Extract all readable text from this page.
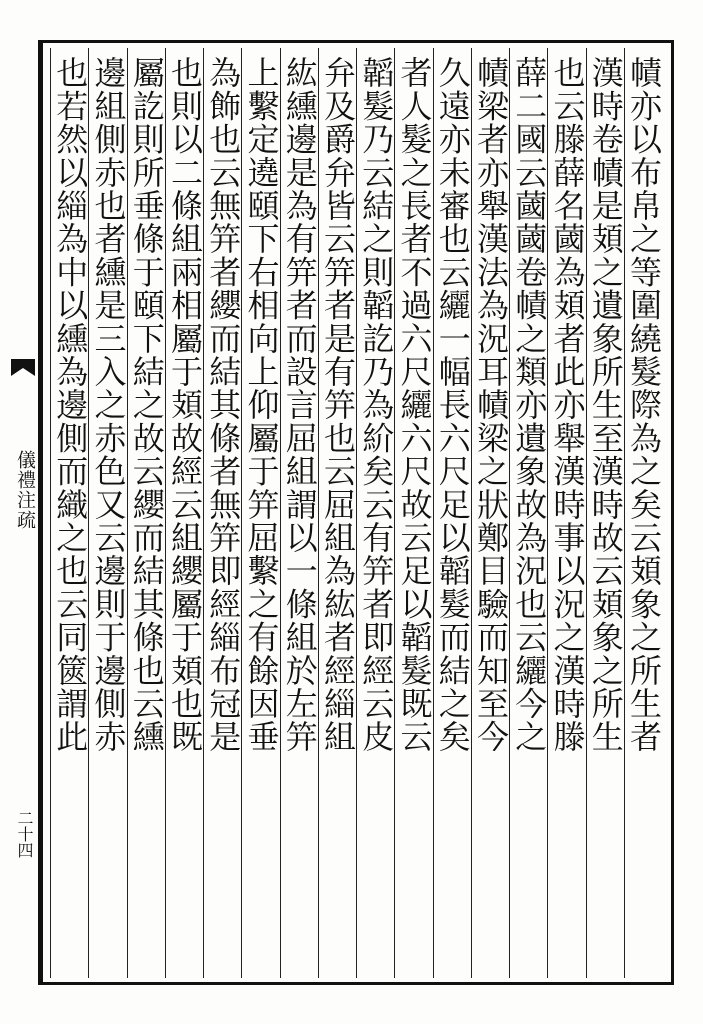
儀禮注疏
二十四
幘亦以布帛之等圍繞髮際為之矣云頍象之所生者
漢時卷幘是頍之遺象所生至漢時故云頍象之所生
也云滕薛名蔮為頍者此亦舉漢時事以況之漢時滕
薛二國云蔮蔮卷幘之類亦遺象故為況也云纚今之
幘梁者亦舉漢法為況耳幘梁之狀鄭目驗而知至今
久遠亦未審也云纚一幅長六尺足以韜髮而結之矣
者人髮之長者不過六尺纚六尺故云足以韜髮既云
韜髮乃云結之則韜訖乃為紒矣云有笄者即經云皮
弁及爵弁皆云笄者是有笄也云屈組為紘者經緇組
紘纁邊是為有笄者而設言屈組謂以一條組於左笄
上繫定遶頤下右相向上仰屬于笄屈繫之有餘因垂
為飾也云無笄者纓而結其條者無笄即經緇布冠是
也則以二條組兩相屬于頍故經云組纓屬于頍也既
屬訖則所垂條于頤下結之故云纓而結其條也云纁
邊組側赤也者纁是三入之赤色又云邊則于邊側赤
也若然以緇為中以纁為邊側而織之也云同篋謂此
